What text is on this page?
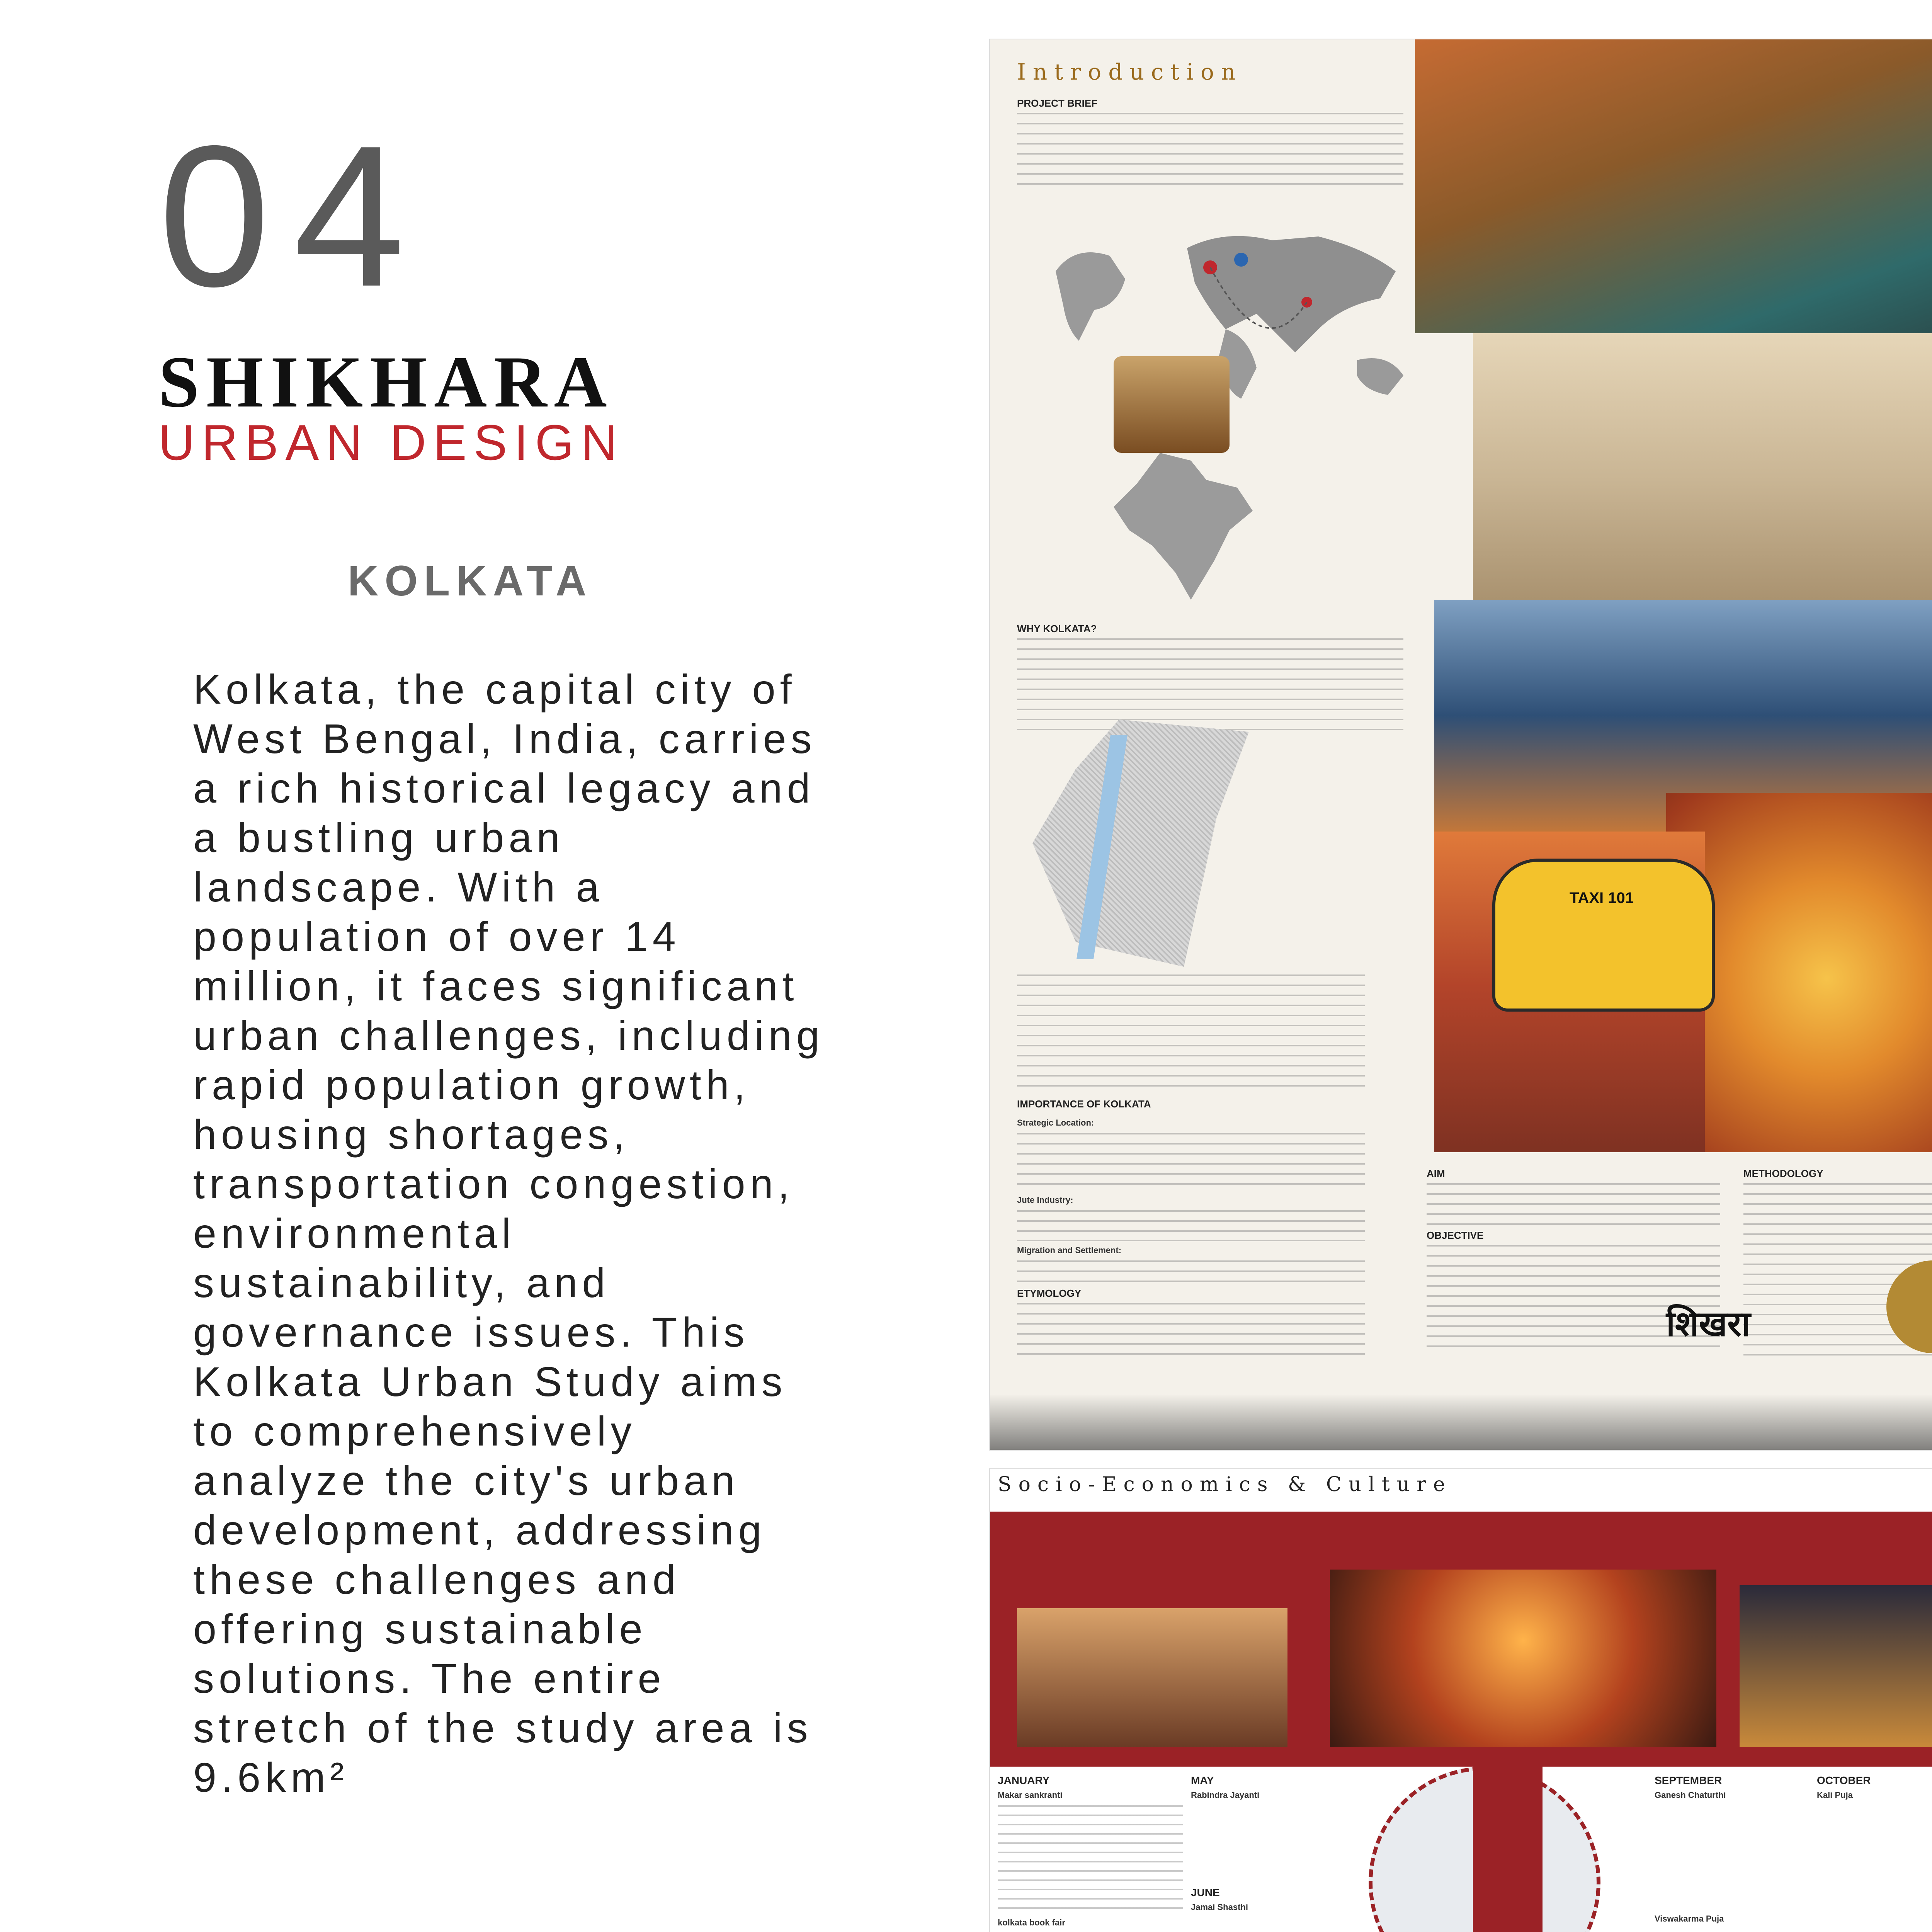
04
SHIKHARA
URBAN DESIGN
KOLKATA
Kolkata, the capital city of West Bengal, India, carries a rich historical legacy and a bustling urban landscape. With a population of over 14 million, it faces significant urban challenges, including rapid population growth, housing shortages, transportation congestion, environmental sustainability, and governance issues. This Kolkata Urban Study aims to comprehensively analyze the city's urban development, addressing these challenges and offering sustainable solutions. The entire stretch of the study area is 9.6km²
Introduction
PROJECT BRIEF
WHY KOLKATA?
IMPORTANCE OF KOLKATA
Strategic Location:
Jute Industry:
Migration and Settlement:
ETYMOLOGY
TAXI 101
AIM
OBJECTIVE
METHODOLOGY
शिखरा
Socio-Economics & Culture
JANUARY
Makar sankranti
kolkata book fair
MAY
Rabindra Jayanti
JUNE
Jamai Shasthi
SEPTEMBER
Ganesh Chaturthi
Viswakarma Puja
OCTOBER
Kali Puja
